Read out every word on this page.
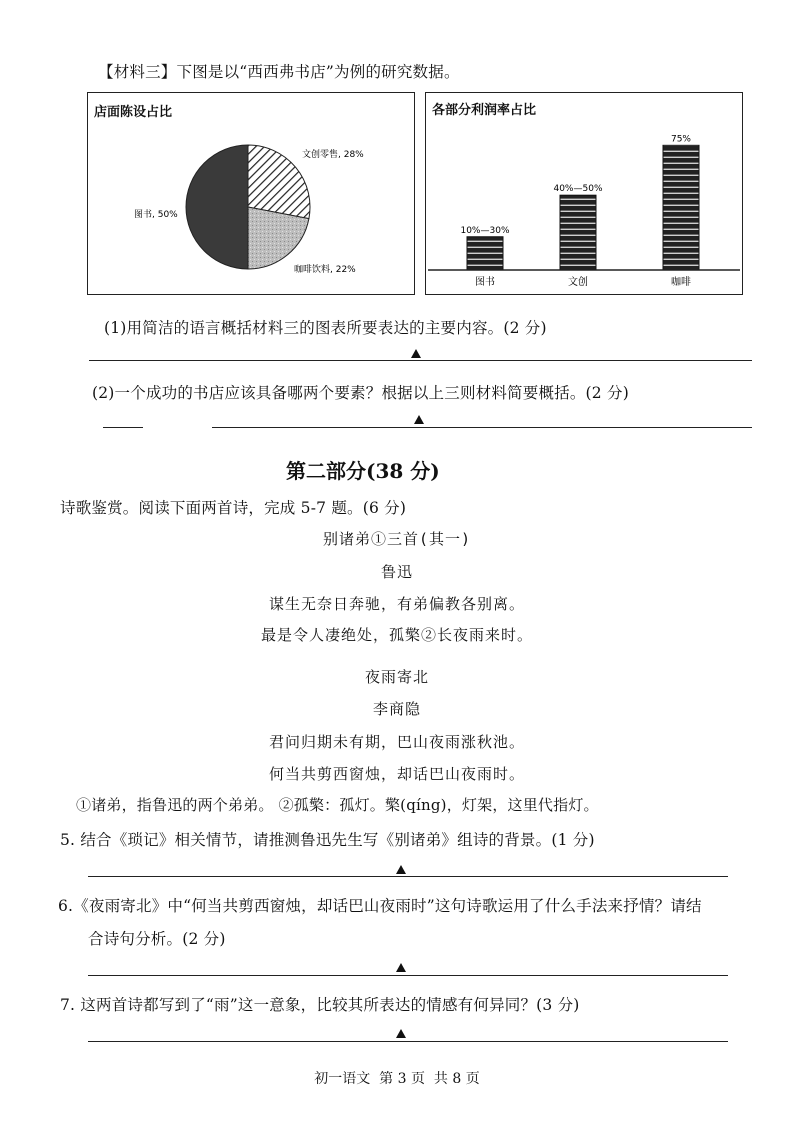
【材料三】下图是以“西西弗书店”为例的研究数据。
店面陈设占比
图书, 50%
文创零售, 28%
咖啡饮料, 22%
各部分利润率占比
10%—30%
图书
40%—50%
文创
75%
咖啡
(1)用简洁的语言概括材料三的图表所要表达的主要内容。(2 分)
(2)一个成功的书店应该具备哪两个要素？根据以上三则材料简要概括。(2 分)
第二部分(38 分)
诗歌鉴赏。阅读下面两首诗，完成 5-7 题。(6 分)
别诸弟①三首(其一)
鲁迅
谋生无奈日奔驰，有弟偏教各别离。
最是令人凄绝处，孤檠②长夜雨来时。
夜雨寄北
李商隐
君问归期未有期，巴山夜雨涨秋池。
何当共剪西窗烛，却话巴山夜雨时。
①诸弟，指鲁迅的两个弟弟。 ②孤檠：孤灯。檠(qíng)，灯架，这里代指灯。
5. 结合《琐记》相关情节，请推测鲁迅先生写《别诸弟》组诗的背景。(1 分)
6.《夜雨寄北》中“何当共剪西窗烛，却话巴山夜雨时”这句诗歌运用了什么手法来抒情？请结
合诗句分析。(2 分)
7. 这两首诗都写到了“雨”这一意象，比较其所表达的情感有何异同？(3 分)
初一语文  第 3 页  共 8 页
